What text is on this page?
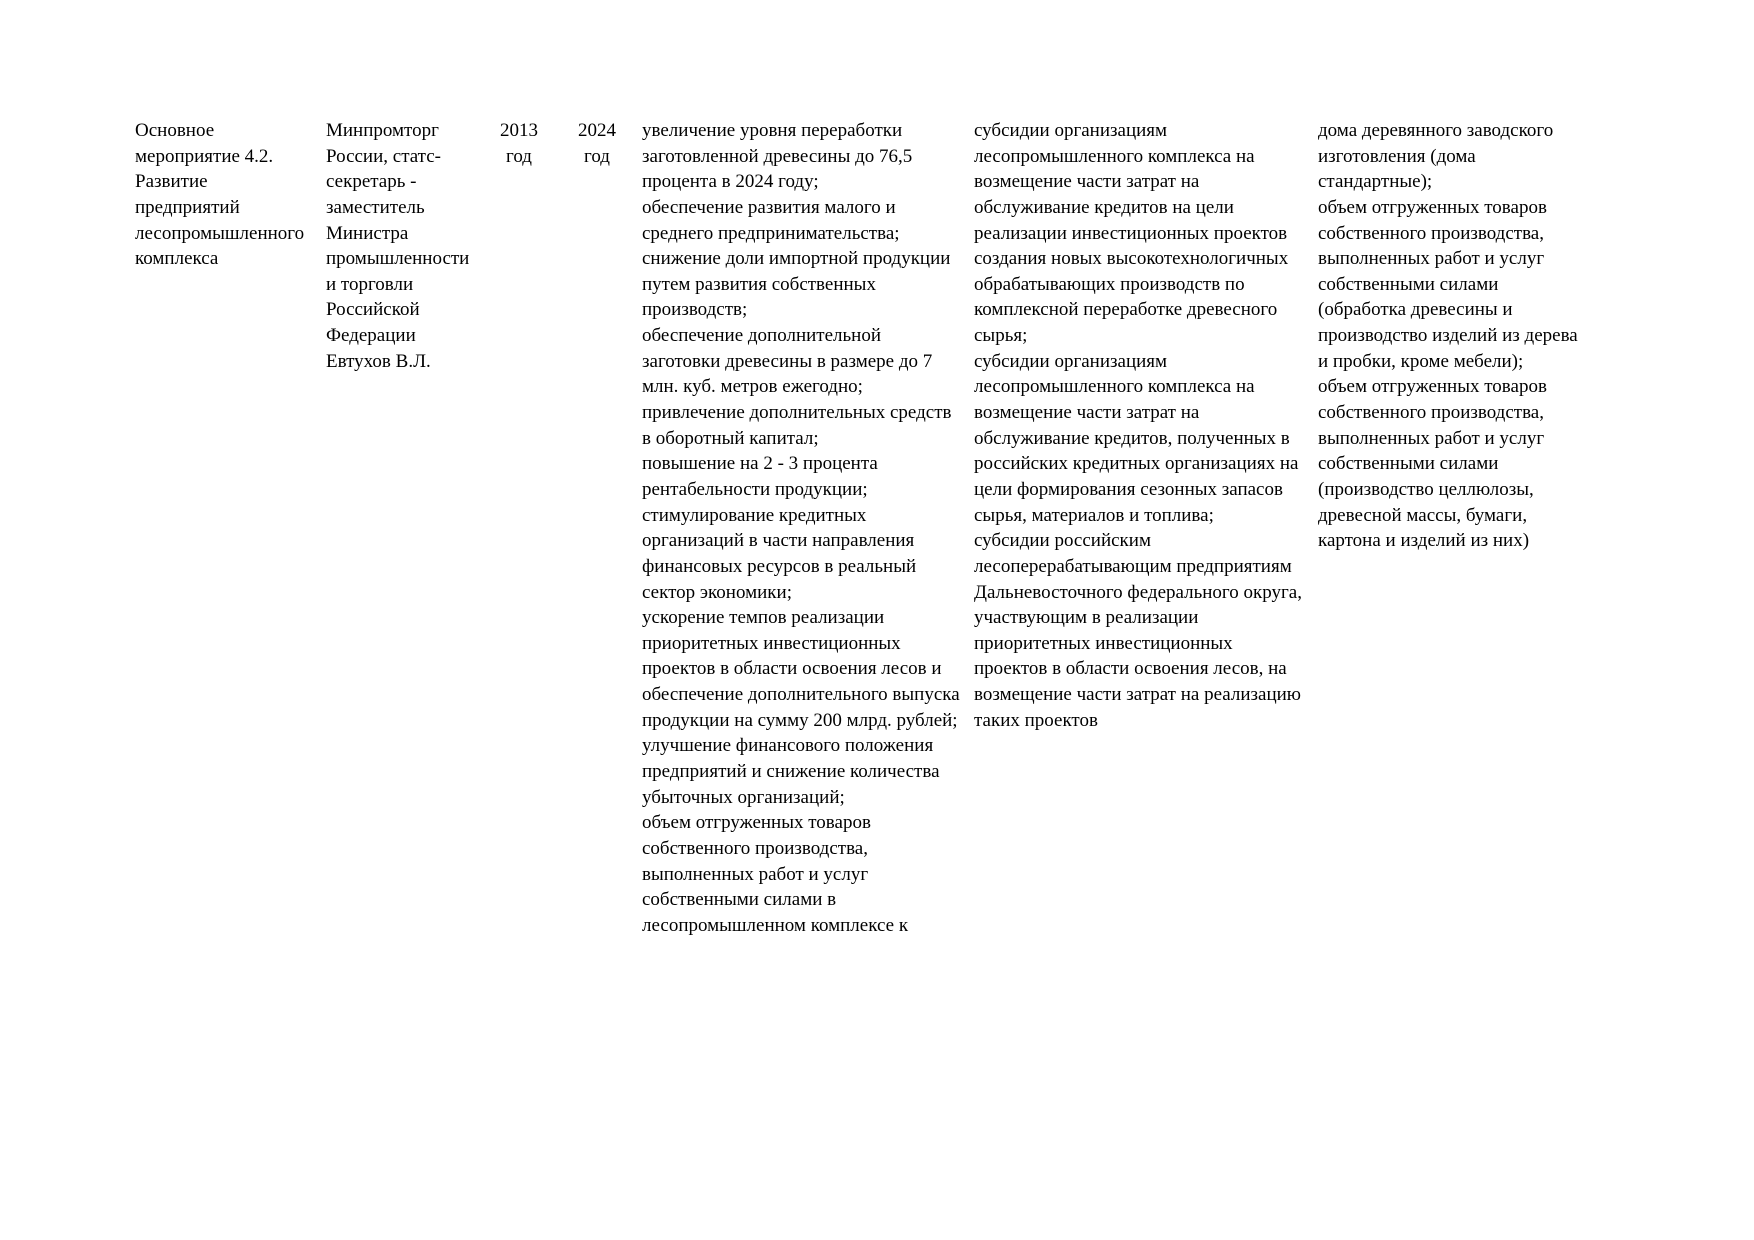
Основное мероприятие 4.2. Развитие предприятий лесопромышленного комплекса
Минпромторг России, статс-секретарь - заместитель Министра промышленности и торговли Российской Федерации Евтухов В.Л.
2013 год
2024 год
увеличение уровня переработки заготовленной древесины до 76,5 процента в 2024 году;
обеспечение развития малого и среднего предпринимательства;
снижение доли импортной продукции путем развития собственных производств;
обеспечение дополнительной заготовки древесины в размере до 7 млн. куб. метров ежегодно;
привлечение дополнительных средств в оборотный капитал;
повышение на 2 - 3 процента рентабельности продукции;
стимулирование кредитных организаций в части направления финансовых ресурсов в реальный сектор экономики;
ускорение темпов реализации приоритетных инвестиционных проектов в области освоения лесов и обеспечение дополнительного выпуска продукции на сумму 200 млрд. рублей;
улучшение финансового положения предприятий и снижение количества убыточных организаций;
объем отгруженных товаров собственного производства, выполненных работ и услуг собственными силами в лесопромышленном комплексе к
субсидии организациям лесопромышленного комплекса на возмещение части затрат на обслуживание кредитов на цели реализации инвестиционных проектов создания новых высокотехнологичных обрабатывающих производств по комплексной переработке древесного сырья;
субсидии организациям лесопромышленного комплекса на возмещение части затрат на обслуживание кредитов, полученных в российских кредитных организациях на цели формирования сезонных запасов сырья, материалов и топлива;
субсидии российским лесоперерабатывающим предприятиям Дальневосточного федерального округа, участвующим в реализации приоритетных инвестиционных проектов в области освоения лесов, на возмещение части затрат на реализацию таких проектов
дома деревянного заводского изготовления (дома стандартные);
объем отгруженных товаров собственного производства, выполненных работ и услуг собственными силами (обработка древесины и производство изделий из дерева и пробки, кроме мебели);
объем отгруженных товаров собственного производства, выполненных работ и услуг собственными силами (производство целлюлозы, древесной массы, бумаги, картона и изделий из них)
